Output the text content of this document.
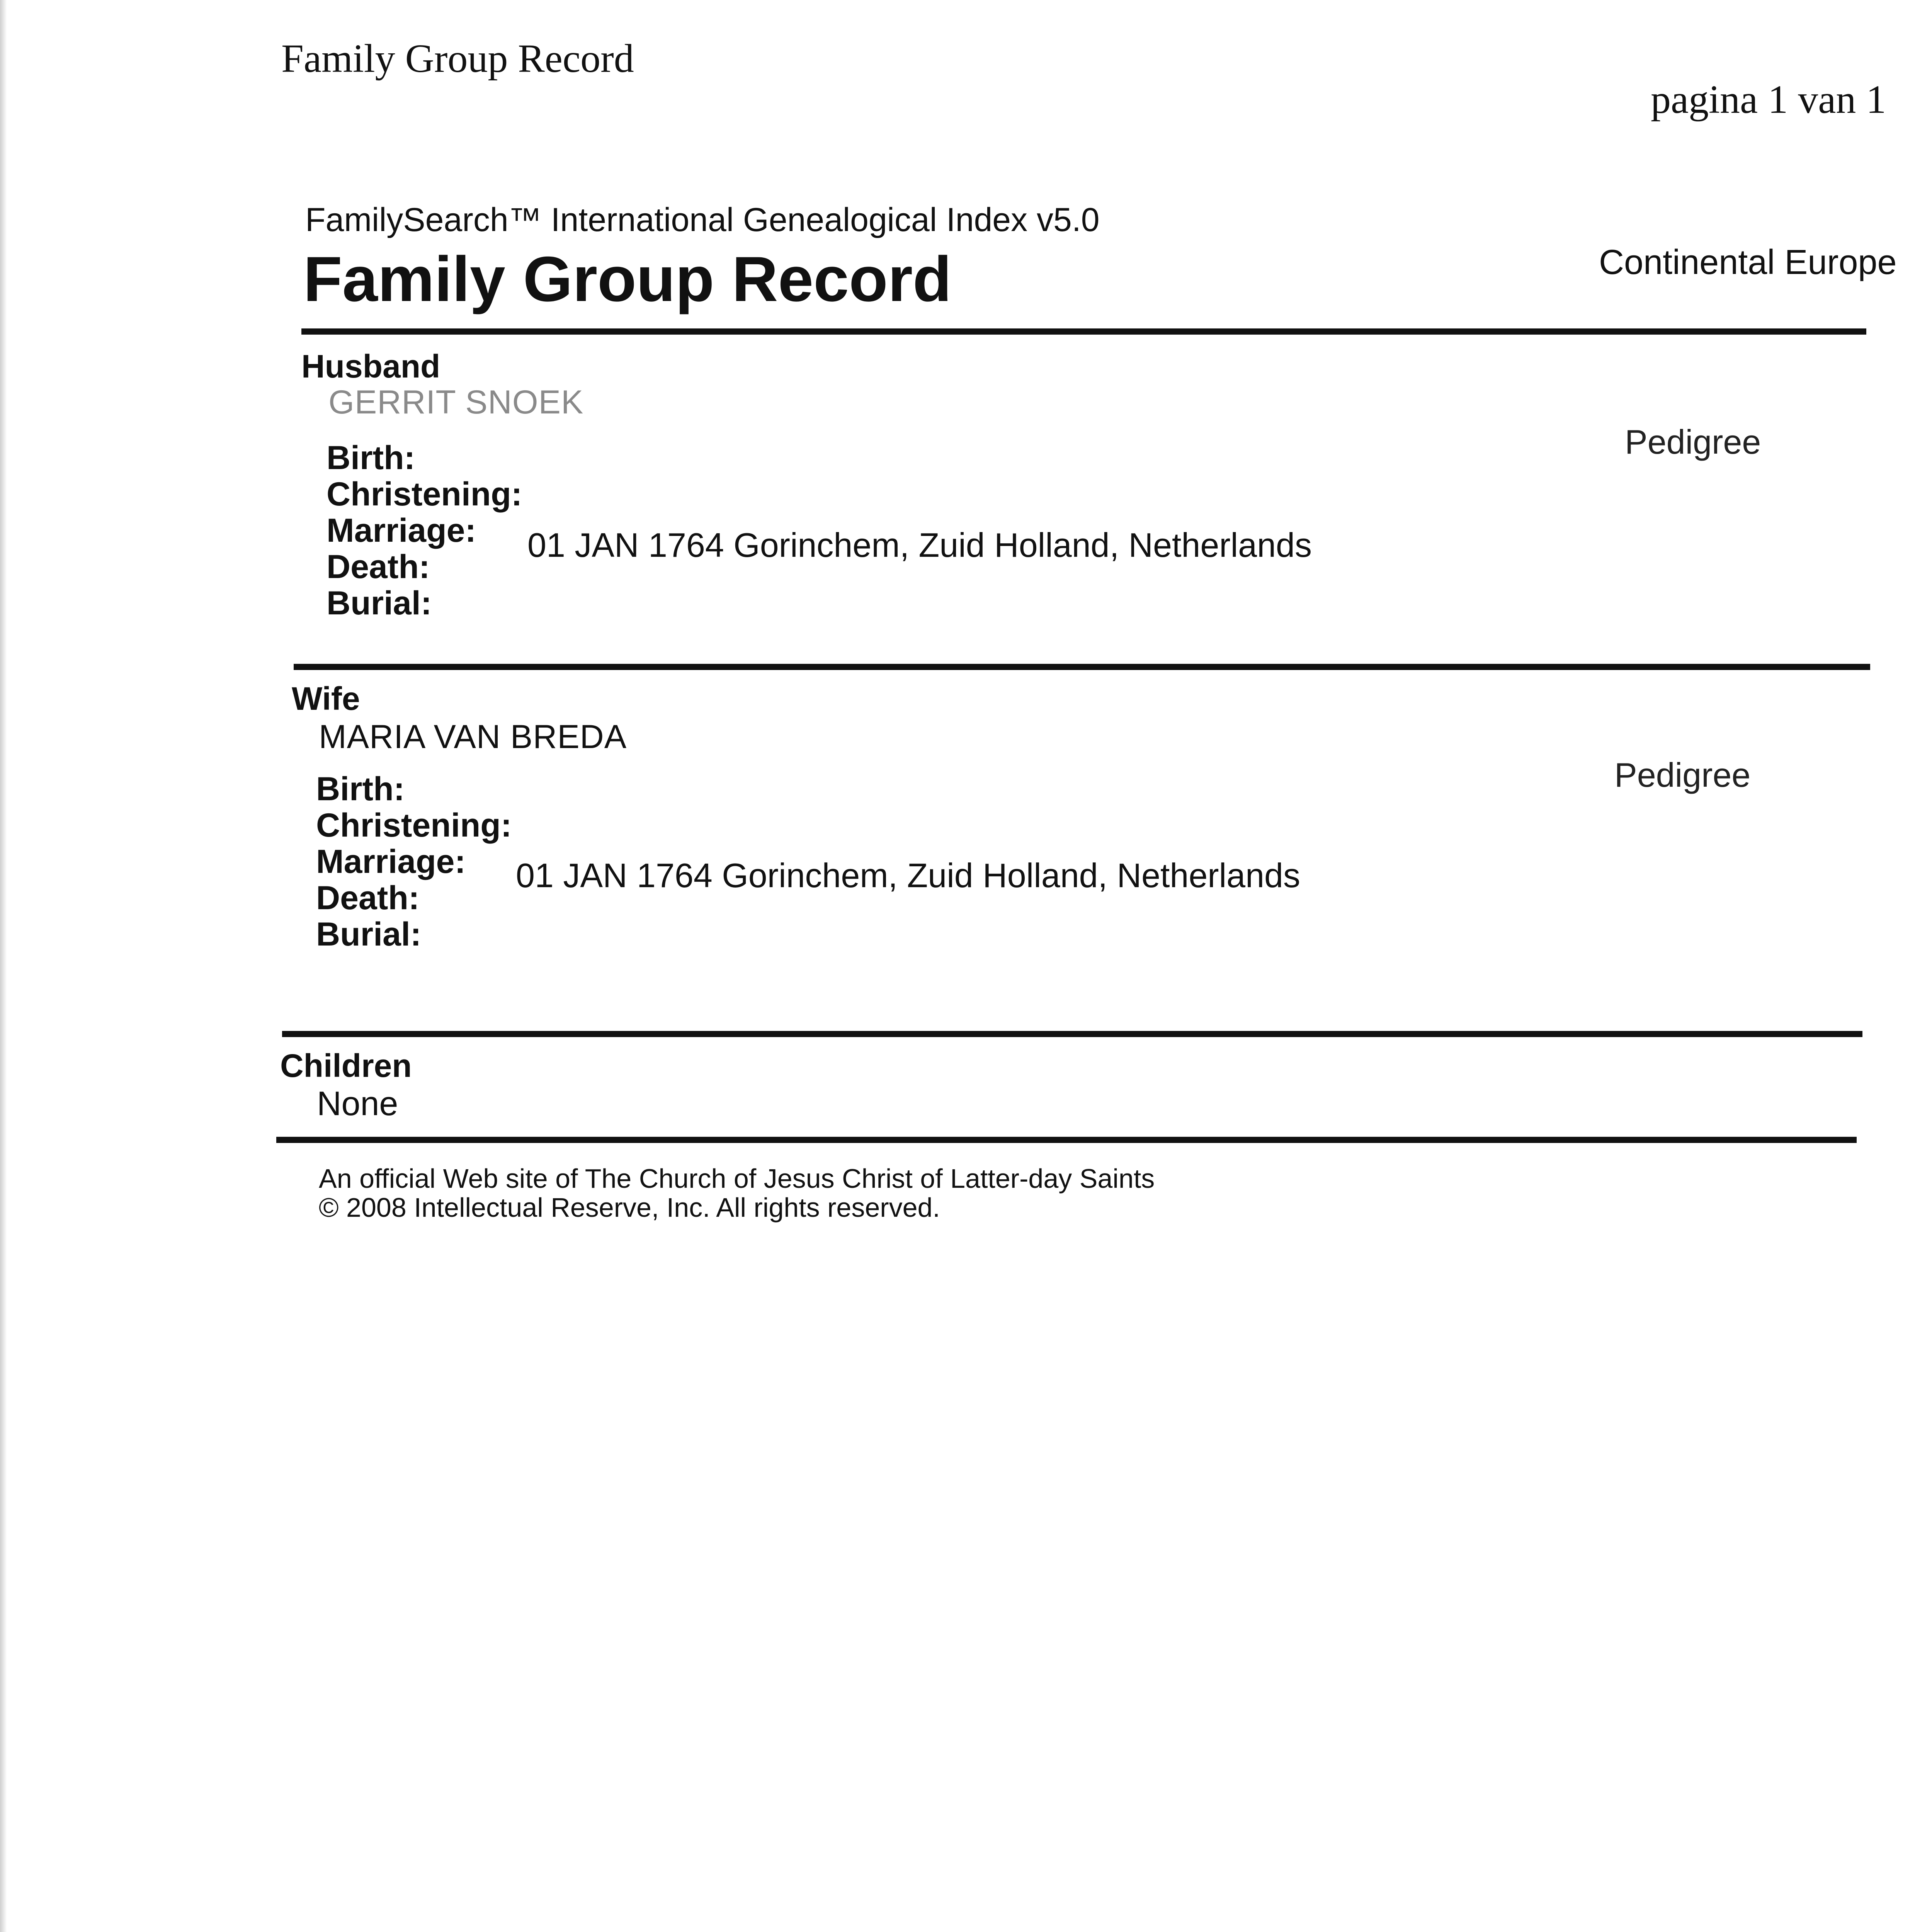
Family Group Record
pagina 1 van 1
FamilySearch™ International Genealogical Index v5.0
Family Group Record	Continental Europe
Husband
GERRIT SNOEK
Pedigree
Birth:
Christening:
Marriage:
Death:
Burial:
01 JAN 1764 Gorinchem, Zuid Holland, Netherlands
Wife
MARIA VAN BREDA
Pedigree
Birth:
Christening:
Marriage:
Death:
Burial:
01 JAN 1764 Gorinchem, Zuid Holland, Netherlands
Children
None
An official Web site of The Church of Jesus Christ of Latter-day Saints
© 2008 Intellectual Reserve, Inc. All rights reserved.
